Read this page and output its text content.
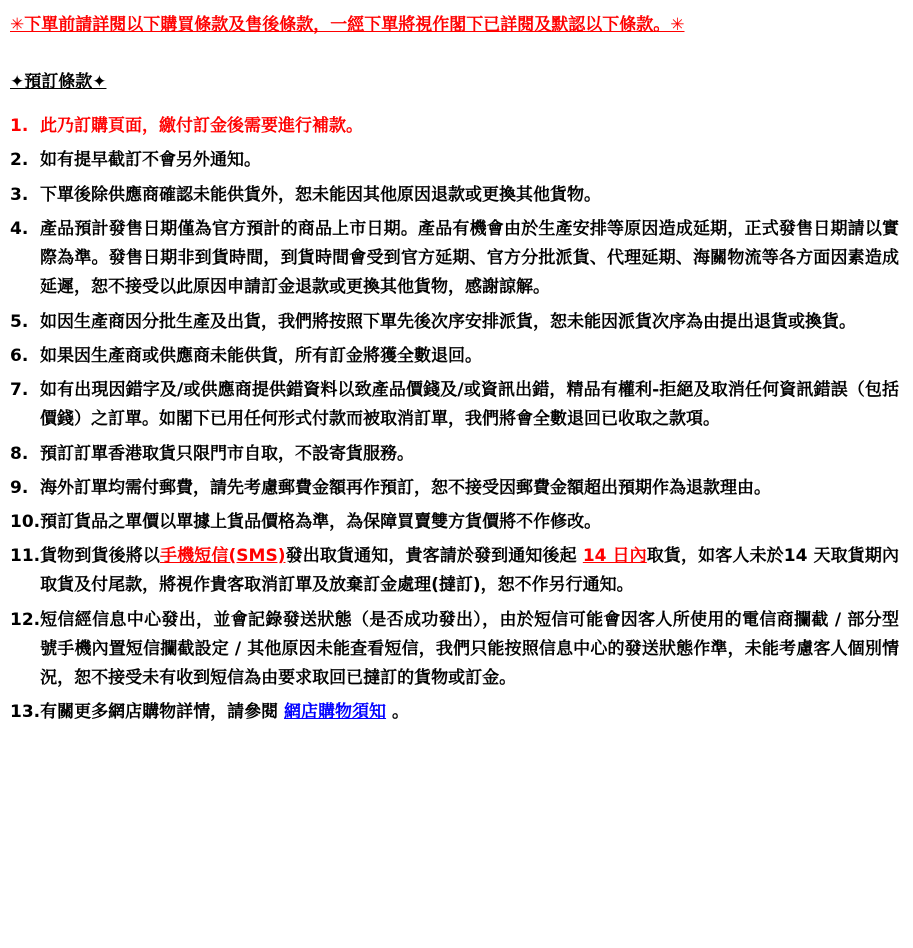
✳下單前請詳閱以下購買條款及售後條款，一經下單將視作閣下已詳閱及默認以下條款。✳

✦預訂條款✦

1. 此乃訂購頁面，繳付訂金後需要進行補款。
2. 如有提早截訂不會另外通知。
3. 下單後除供應商確認未能供貨外，恕未能因其他原因退款或更換其他貨物。
4. 產品預計發售日期僅為官方預計的商品上市日期。產品有機會由於生產安排等原因造成延期，正式發售日期請以實際為準。發售日期非到貨時間，到貨時間會受到官方延期、官方分批派貨、代理延期、海關物流等各方面因素造成延遲，恕不接受以此原因申請訂金退款或更換其他貨物，感謝諒解。
5. 如因生產商因分批生產及出貨，我們將按照下單先後次序安排派貨，恕未能因派貨次序為由提出退貨或換貨。
6. 如果因生產商或供應商未能供貨，所有訂金將獲全數退回。
7. 如有出現因錯字及/或供應商提供錯資料以致產品價錢及/或資訊出錯，精品有權利-拒絕及取消任何資訊錯誤（包括價錢）之訂單。如閣下已用任何形式付款而被取消訂單，我們將會全數退回已收取之款項。
8. 預訂訂單香港取貨只限門市自取，不設寄貨服務。
9. 海外訂單均需付郵費，請先考慮郵費金額再作預訂，恕不接受因郵費金額超出預期作為退款理由。
10. 預訂貨品之單價以單據上貨品價格為準，為保障買賣雙方貨價將不作修改。
11. 貨物到貨後將以手機短信(SMS)發出取貨通知，貴客請於發到通知後起 14 日內取貨，如客人未於14 天取貨期內取貨及付尾款，將視作貴客取消訂單及放棄訂金處理(撻訂)，恕不作另行通知。
12. 短信經信息中心發出，並會記錄發送狀態（是否成功發出），由於短信可能會因客人所使用的電信商攔截 / 部分型號手機內置短信攔截設定 / 其他原因未能查看短信，我們只能按照信息中心的發送狀態作準，未能考慮客人個別情況，恕不接受未有收到短信為由要求取回已撻訂的貨物或訂金。
13. 有關更多網店購物詳情，請參閱 網店購物須知 。
